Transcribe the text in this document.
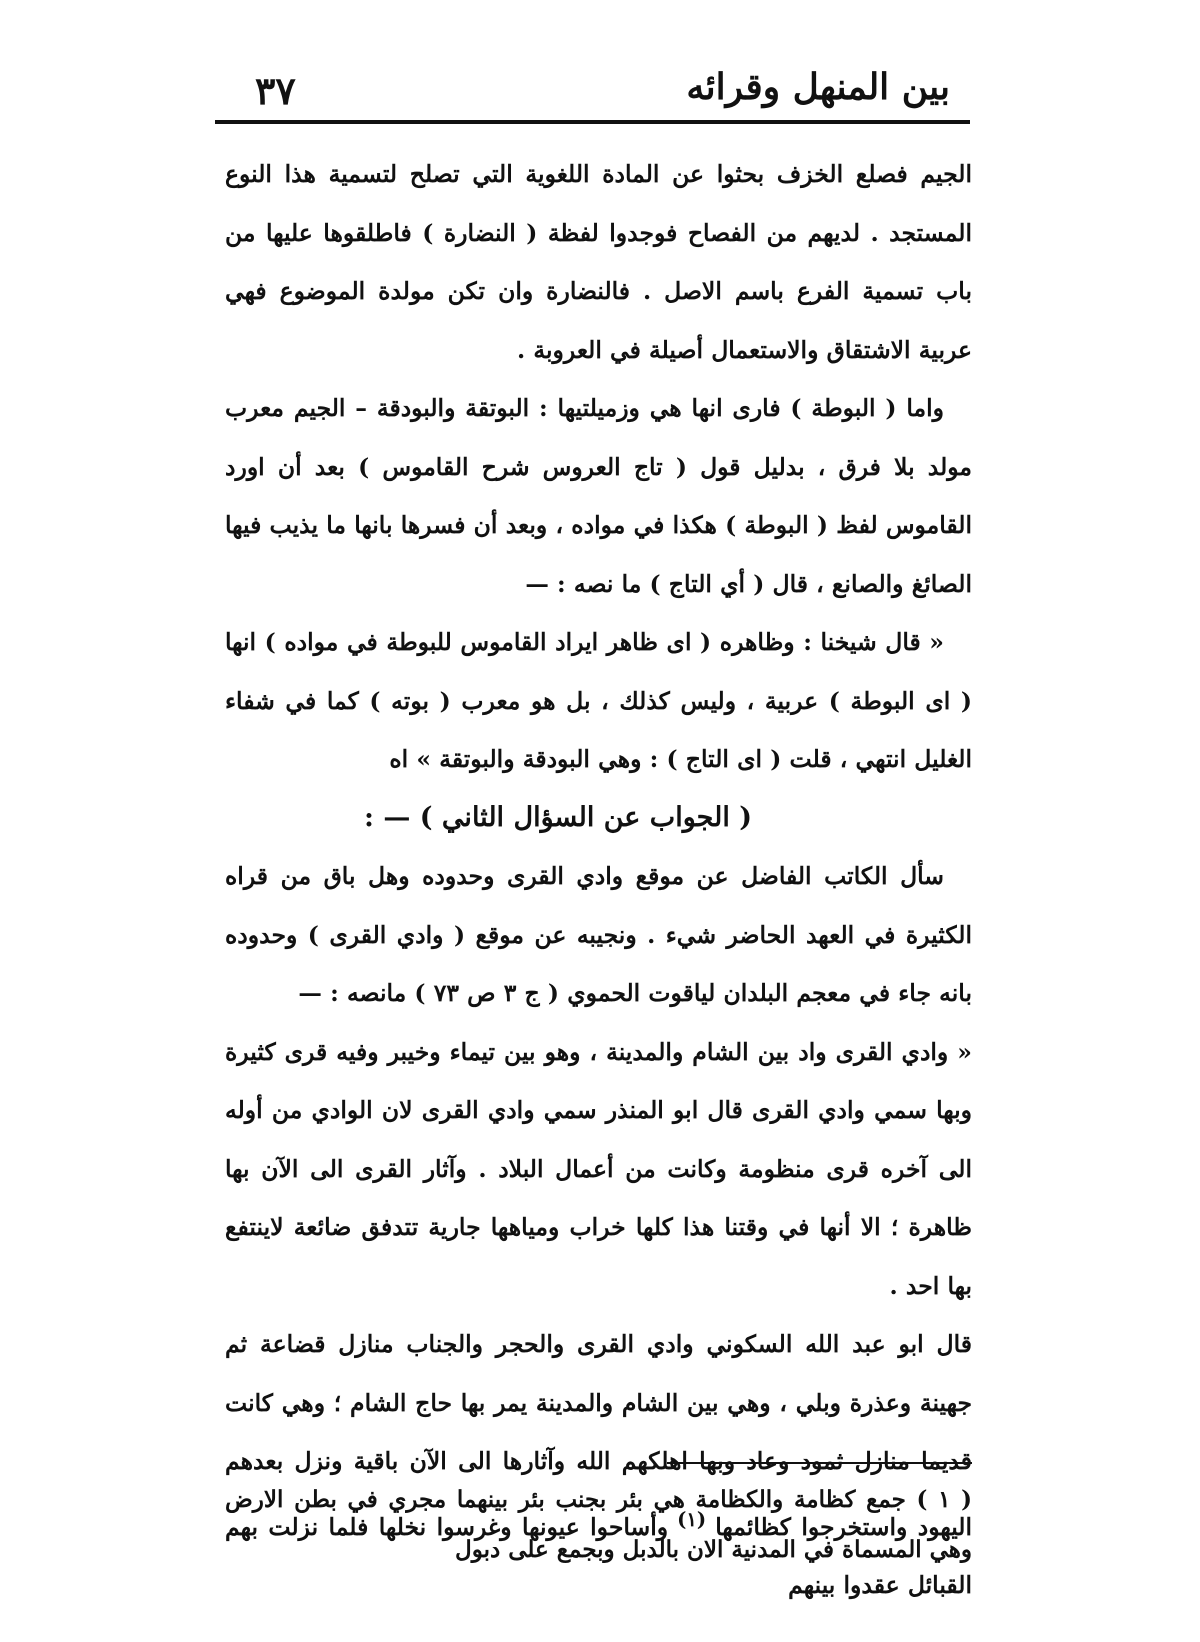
بين المنهل وقرائه
٣٧

الجيم فصلع الخزف بحثوا عن المادة اللغوية التي تصلح لتسمية هذا النوع المستجد . لديهم من الفصاح فوجدوا لفظة ( النضارة ) فاطلقوها عليها من باب تسمية الفرع باسم الاصل . فالنضارة وان تكن مولدة الموضوع فهي عربية الاشتقاق والاستعمال أصيلة في العروبة .

واما ( البوطة ) فارى انها هي وزميلتيها : البوتقة والبودقة – الجيم معرب مولد بلا فرق ، بدليل قول ( تاج العروس شرح القاموس ) بعد أن اورد القاموس لفظ ( البوطة ) هكذا في مواده ، وبعد أن فسرها بانها ما يذيب فيها الصائغ والصانع ، قال ( أي التاج ) ما نصه : —

« قال شيخنا : وظاهره ( اى ظاهر ايراد القاموس للبوطة في مواده ) انها ( اى البوطة ) عربية ، وليس كذلك ، بل هو معرب ( بوته ) كما في شفاء الغليل انتهي ، قلت ( اى التاج ) : وهي البودقة والبوتقة » اه

( الجواب عن السؤال الثاني ) — :

سأل الكاتب الفاضل عن موقع وادي القرى وحدوده وهل باق من قراه الكثيرة في العهد الحاضر شيء . ونجيبه عن موقع ( وادي القرى ) وحدوده بانه جاء في معجم البلدان لياقوت الحموي ( ج ٣ ص ٧٣ ) مانصه : —

« وادي القرى واد بين الشام والمدينة ، وهو بين تيماء وخيبر وفيه قرى كثيرة وبها سمي وادي القرى قال ابو المنذر سمي وادي القرى لان الوادي من أوله الى آخره قرى منظومة وكانت من أعمال البلاد . وآثار القرى الى الآن بها ظاهرة ؛ الا أنها في وقتنا هذا كلها خراب ومياهها جارية تتدفق ضائعة لاينتفع بها احد .

قال ابو عبد الله السكوني وادي القرى والحجر والجناب منازل قضاعة ثم جهينة وعذرة وبلي ، وهي بين الشام والمدينة يمر بها حاج الشام ؛ وهي كانت قديما منازل ثمود وعاد وبها اهلكهم الله وآثارها الى الآن باقية ونزل بعدهم اليهود واستخرجوا كظائمها $^{(١)}$ وأساحوا عيونها وغرسوا نخلها فلما نزلت بهم القبائل عقدوا بينهم

( ١ ) جمع كظامة والكظامة هي بئر بجنب بئر بينهما مجري في بطن الارض وهي المسماة في المدنية الان بالدبل وبجمع على دبول
